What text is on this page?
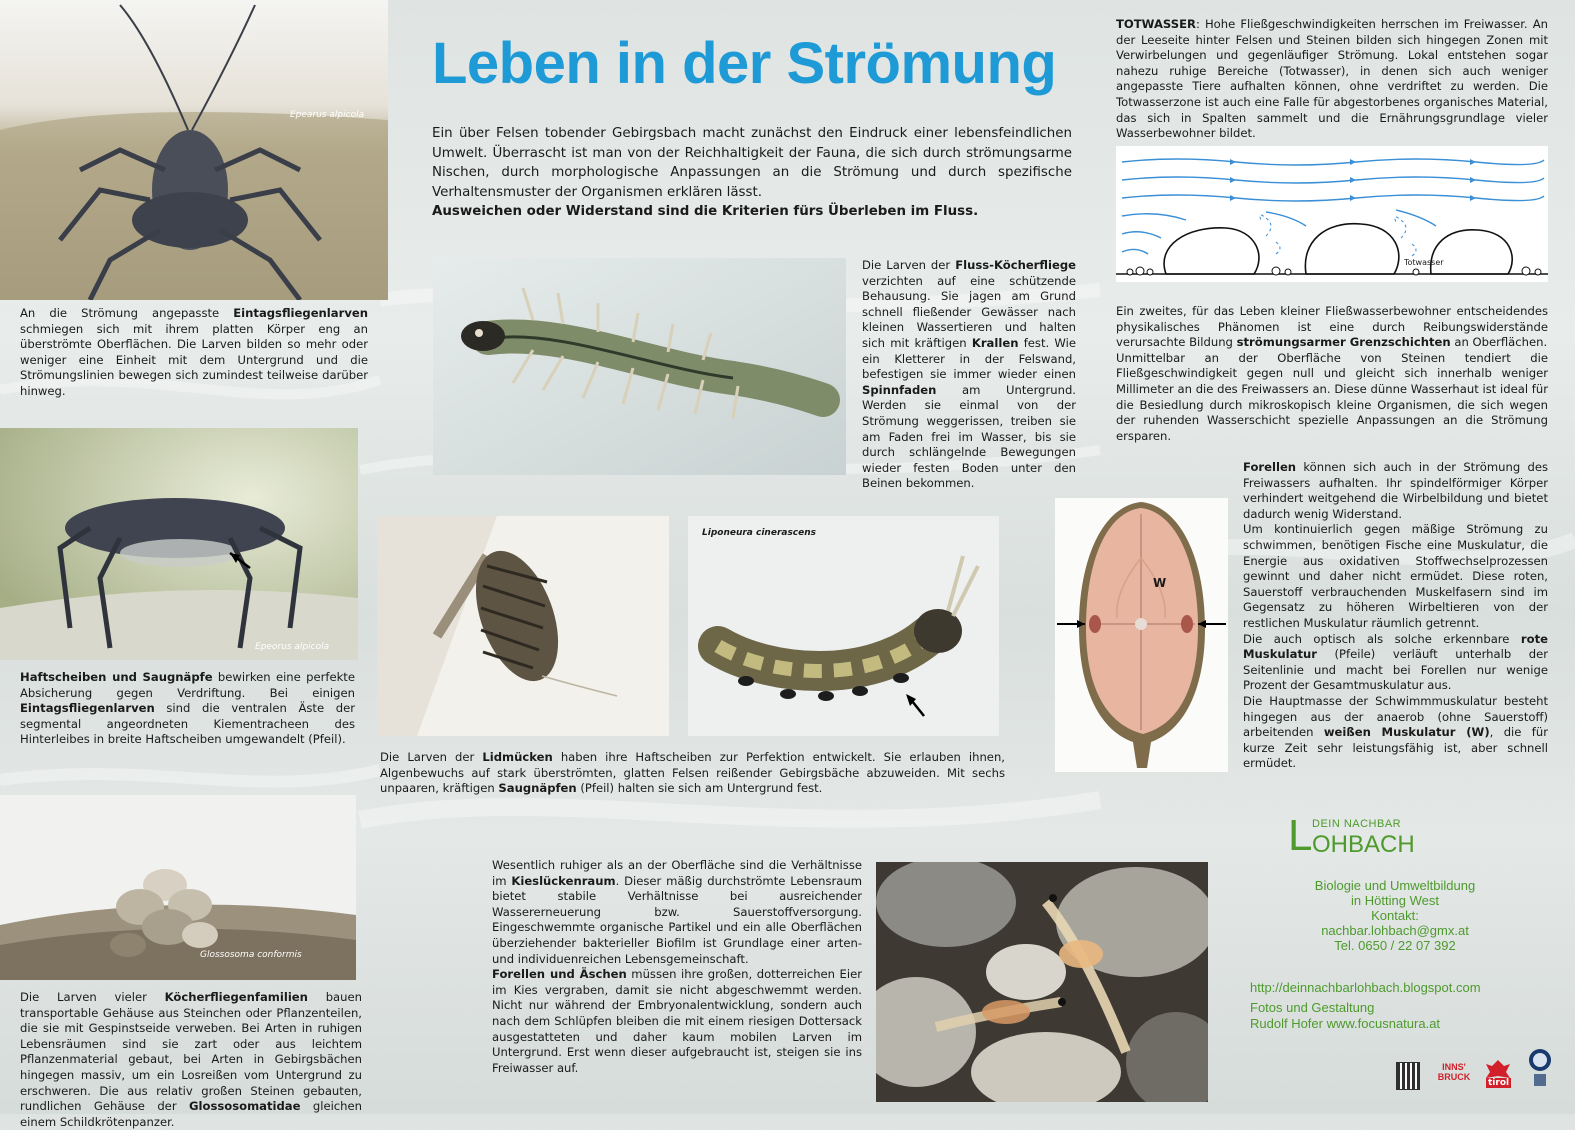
Epearus alpicola
An die Strömung angepasste Eintagsfliegenlarven schmiegen sich mit ihrem platten Körper eng an überströmte Oberflächen. Die Larven bilden so mehr oder weniger eine Einheit mit dem Untergrund und die Strömungslinien bewegen sich zumindest teilweise darüber hinweg.
Epeorus alpicola
Haftscheiben und Saugnäpfe bewirken eine perfekte Absicherung gegen Verdriftung. Bei einigen Eintagsfliegenlarven sind die ventralen Äste der segmental angeordneten Kiementracheen des Hinterleibes in breite Haftscheiben umgewandelt (Pfeil).
Glossosoma conformis
Die Larven vieler Köcherfliegenfamilien bauen transportable Gehäuse aus Steinchen oder Pflanzenteilen, die sie mit Gespinstseide verweben. Bei Arten in ruhigen Lebensräumen sind sie zart oder aus leichtem Pflanzenmaterial gebaut, bei Arten in Gebirgsbächen hingegen massiv, um ein Losreißen vom Untergrund zu erschweren. Die aus relativ großen Steinen gebauten, rundlichen Gehäuse der Glossosomatidae gleichen einem Schildkrötenpanzer.
Leben in der Strömung
Ein über Felsen tobender Gebirgsbach macht zunächst den Eindruck einer lebensfeindlichen Umwelt. Überrascht ist man von der Reichhaltigkeit der Fauna, die sich durch strömungsarme Nischen, durch morphologische Anpassungen an die Strömung und durch spezifische Verhaltensmuster der Organismen erklären lässt.
Ausweichen oder Widerstand sind die Kriterien fürs Überleben im Fluss.
Die Larven der Fluss-Köcherfliege verzichten auf eine schützende Behausung. Sie jagen am Grund schnell fließender Gewässer nach kleinen Wassertieren und halten sich mit kräftigen Krallen fest. Wie ein Kletterer in der Felswand, befestigen sie immer wieder einen Spinnfaden am Untergrund. Werden sie einmal von der Strömung weggerissen, treiben sie am Faden frei im Wasser, bis sie durch schlängelnde Bewegungen wieder festen Boden unter den Beinen bekommen.
Liponeura cinerascens
Die Larven der Lidmücken haben ihre Haftscheiben zur Perfektion entwickelt. Sie erlauben ihnen, Algenbewuchs auf stark überströmten, glatten Felsen reißender Gebirgsbäche abzuweiden. Mit sechs unpaaren, kräftigen Saugnäpfen (Pfeil) halten sie sich am Untergrund fest.
Wesentlich ruhiger als an der Oberfläche sind die Verhältnisse im Kieslückenraum. Dieser mäßig durchströmte Lebensraum bietet stabile Verhältnisse bei ausreichender Wassererneuerung bzw. Sauerstoffversorgung. Eingeschwemmte organische Partikel und ein alle Oberflächen überziehender bakterieller Biofilm ist Grundlage einer arten- und individuenreichen Lebensgemeinschaft.
Forellen und Äschen müssen ihre großen, dotterreichen Eier im Kies vergraben, damit sie nicht abgeschwemmt werden. Nicht nur während der Embryonalentwicklung, sondern auch nach dem Schlüpfen bleiben die mit einem riesigen Dottersack ausgestatteten und daher kaum mobilen Larven im Untergrund. Erst wenn dieser aufgebraucht ist, steigen sie ins Freiwasser auf.
TOTWASSER: Hohe Fließgeschwindigkeiten herrschen im Freiwasser. An der Leeseite hinter Felsen und Steinen bilden sich hingegen Zonen mit Verwirbelungen und gegenläufiger Strömung. Lokal entstehen sogar nahezu ruhige Bereiche (Totwasser), in denen sich auch weniger angepasste Tiere aufhalten können, ohne verdriftet zu werden. Die Totwasserzone ist auch eine Falle für abgestorbenes organisches Material, das sich in Spalten sammelt und die Ernährungsgrundlage vieler Wasserbewohner bildet.
Totwasser
Ein zweites, für das Leben kleiner Fließwasserbewohner entscheidendes physikalisches Phänomen ist eine durch Reibungswiderstände verursachte Bildung strömungsarmer Grenzschichten an Oberflächen.
Unmittelbar an der Oberfläche von Steinen tendiert die Fließgeschwindigkeit gegen null und gleicht sich innerhalb weniger Millimeter an die des Freiwassers an. Diese dünne Wasserhaut ist ideal für die Besiedlung durch mikroskopisch kleine Organismen, die sich wegen der ruhenden Wasserschicht spezielle Anpassungen an die Strömung ersparen.
W
Forellen können sich auch in der Strömung des Freiwassers aufhalten. Ihr spindelförmiger Körper verhindert weitgehend die Wirbelbildung und bietet dadurch wenig Widerstand.
Um kontinuierlich gegen mäßige Strömung zu schwimmen, benötigen Fische eine Muskulatur, die Energie aus oxidativen Stoffwechselprozessen gewinnt und daher nicht ermüdet. Diese roten, Sauerstoff verbrauchenden Muskelfasern sind im Gegensatz zu höheren Wirbeltieren von der restlichen Muskulatur räumlich getrennt.
Die auch optisch als solche erkennbare rote Muskulatur (Pfeile) verläuft unterhalb der Seitenlinie und macht bei Forellen nur wenige Prozent der Gesamtmuskulatur aus.
Die Hauptmasse der Schwimmmuskulatur besteht hingegen aus der anaerob (ohne Sauerstoff) arbeitenden weißen Muskulatur (W), die für kurze Zeit sehr leistungsfähig ist, aber schnell ermüdet.
L DEIN NACHBAR
OHBACH
Biologie und Umweltbildung
in Hötting West
Kontakt:
nachbar.lohbach@gmx.at
Tel. 0650 / 22 07 392
http://deinnachbarlohbach.blogspot.com
Fotos und Gestaltung
Rudolf Hofer www.focusnatura.at
INNS' BRUCK
tirol
